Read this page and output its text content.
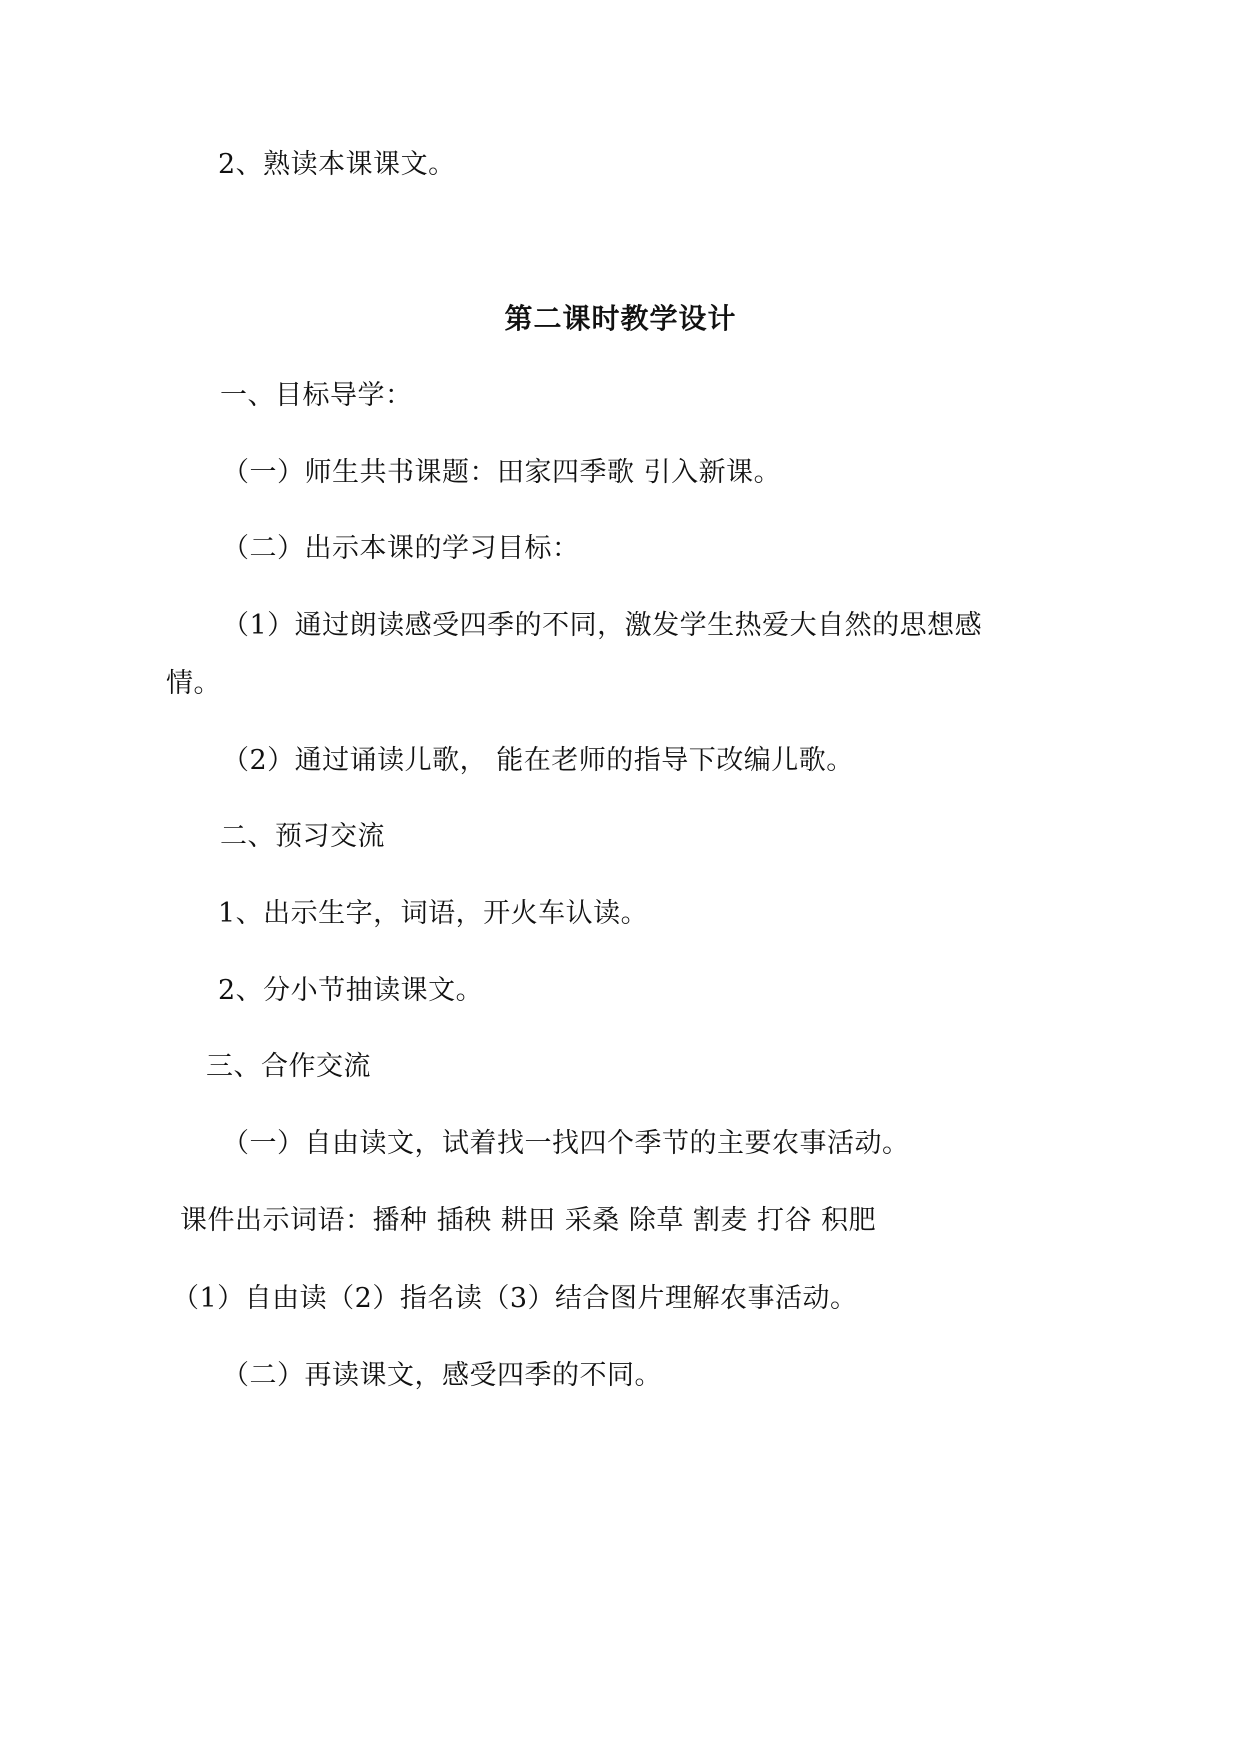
2、熟读本课课文。
第二课时教学设计
一、目标导学：
（一）师生共书课题：田家四季歌 引入新课。
（二）出示本课的学习目标：
（1）通过朗读感受四季的不同，激发学生热爱大自然的思想感
情。
（2）通过诵读儿歌， 能在老师的指导下改编儿歌。
二、预习交流
1、出示生字，词语，开火车认读。
2、分小节抽读课文。
三、合作交流
（一）自由读文，试着找一找四个季节的主要农事活动。
课件出示词语：播种 插秧 耕田 采桑 除草 割麦 打谷 积肥
（1）自由读（2）指名读（3）结合图片理解农事活动。
（二）再读课文，感受四季的不同。
